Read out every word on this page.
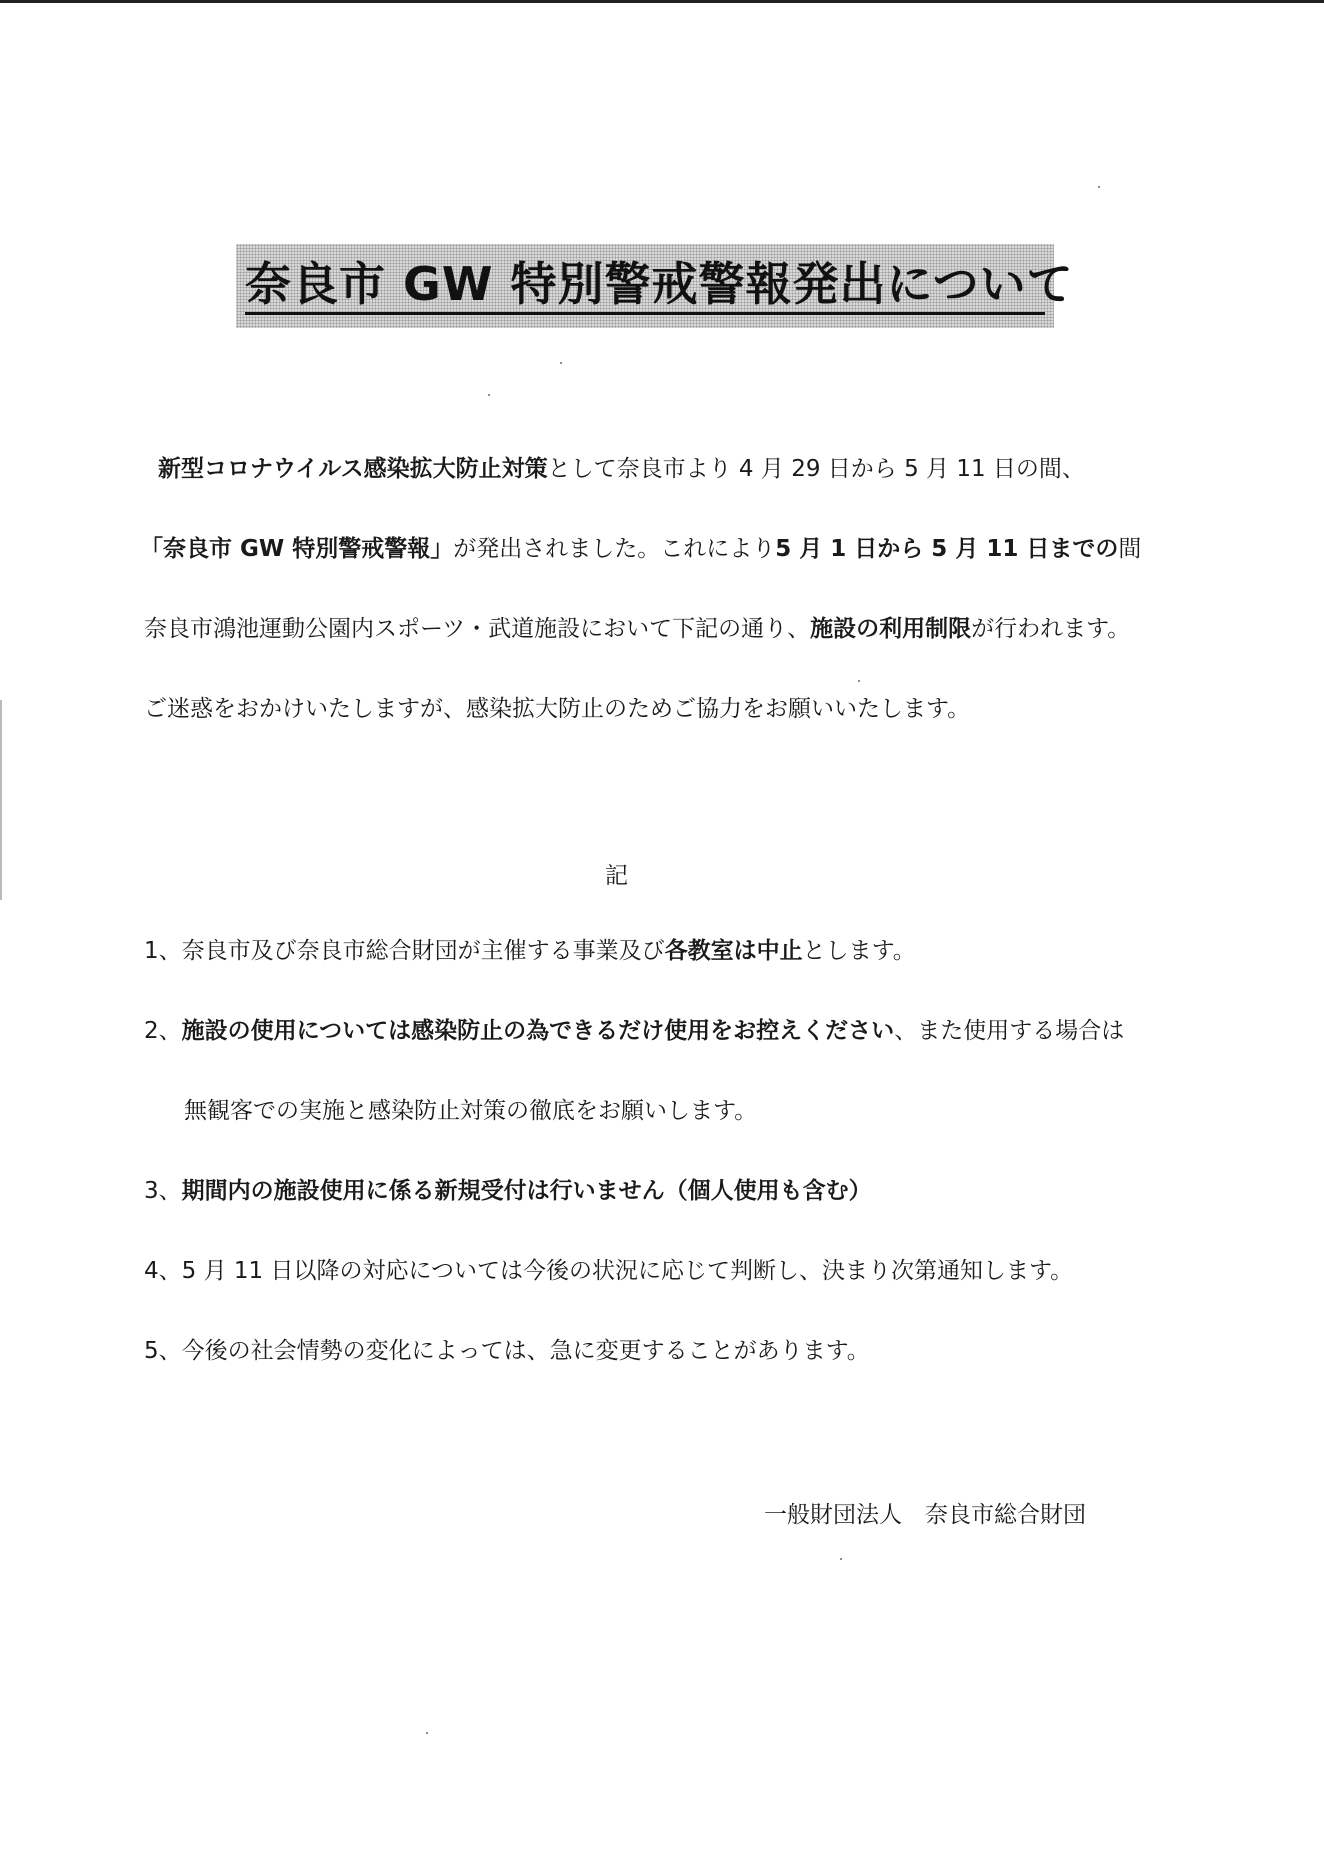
奈良市 GW 特別警戒警報発出について
新型コロナウイルス感染拡大防止対策として奈良市より 4 月 29 日から 5 月 11 日の間、
「奈良市 GW 特別警戒警報」が発出されました。これにより5 月 1 日から 5 月 11 日までの間
奈良市鴻池運動公園内スポーツ・武道施設において下記の通り、施設の利用制限が行われます。
ご迷惑をおかけいたしますが、感染拡大防止のためご協力をお願いいたします。
記
1、奈良市及び奈良市総合財団が主催する事業及び各教室は中止とします。
2、施設の使用については感染防止の為できるだけ使用をお控えください、また使用する場合は
無観客での実施と感染防止対策の徹底をお願いします。
3、期間内の施設使用に係る新規受付は行いません（個人使用も含む）
4、5 月 11 日以降の対応については今後の状況に応じて判断し、決まり次第通知します。
5、今後の社会情勢の変化によっては、急に変更することがあります。
一般財団法人　奈良市総合財団
